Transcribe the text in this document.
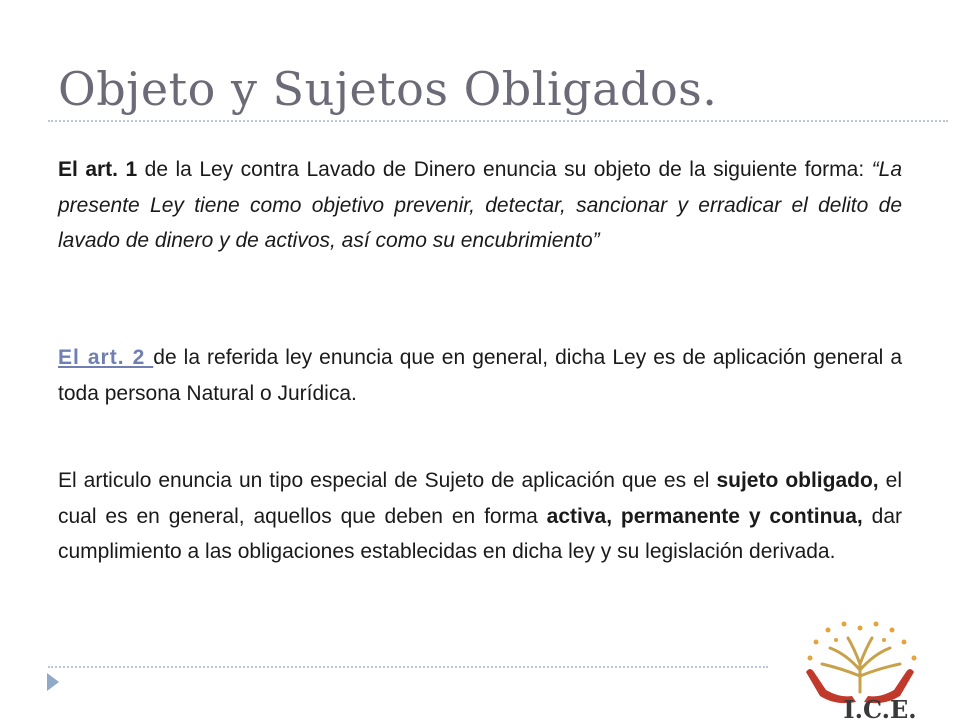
Objeto y Sujetos Obligados.

El art. 1 de la Ley contra Lavado de Dinero enuncia su objeto de la siguiente forma: “La presente Ley tiene como objetivo prevenir, detectar, sancionar y erradicar el delito de lavado de dinero y de activos, así como su encubrimiento”

El art. 2 de la referida ley enuncia que en general, dicha Ley es de aplicación general a toda persona Natural o Jurídica.

El articulo enuncia un tipo especial de Sujeto de aplicación que es el sujeto obligado, el cual es en general, aquellos que deben en forma activa, permanente y continua, dar cumplimiento a las obligaciones establecidas en dicha ley y su legislación derivada.

I.C.E.
